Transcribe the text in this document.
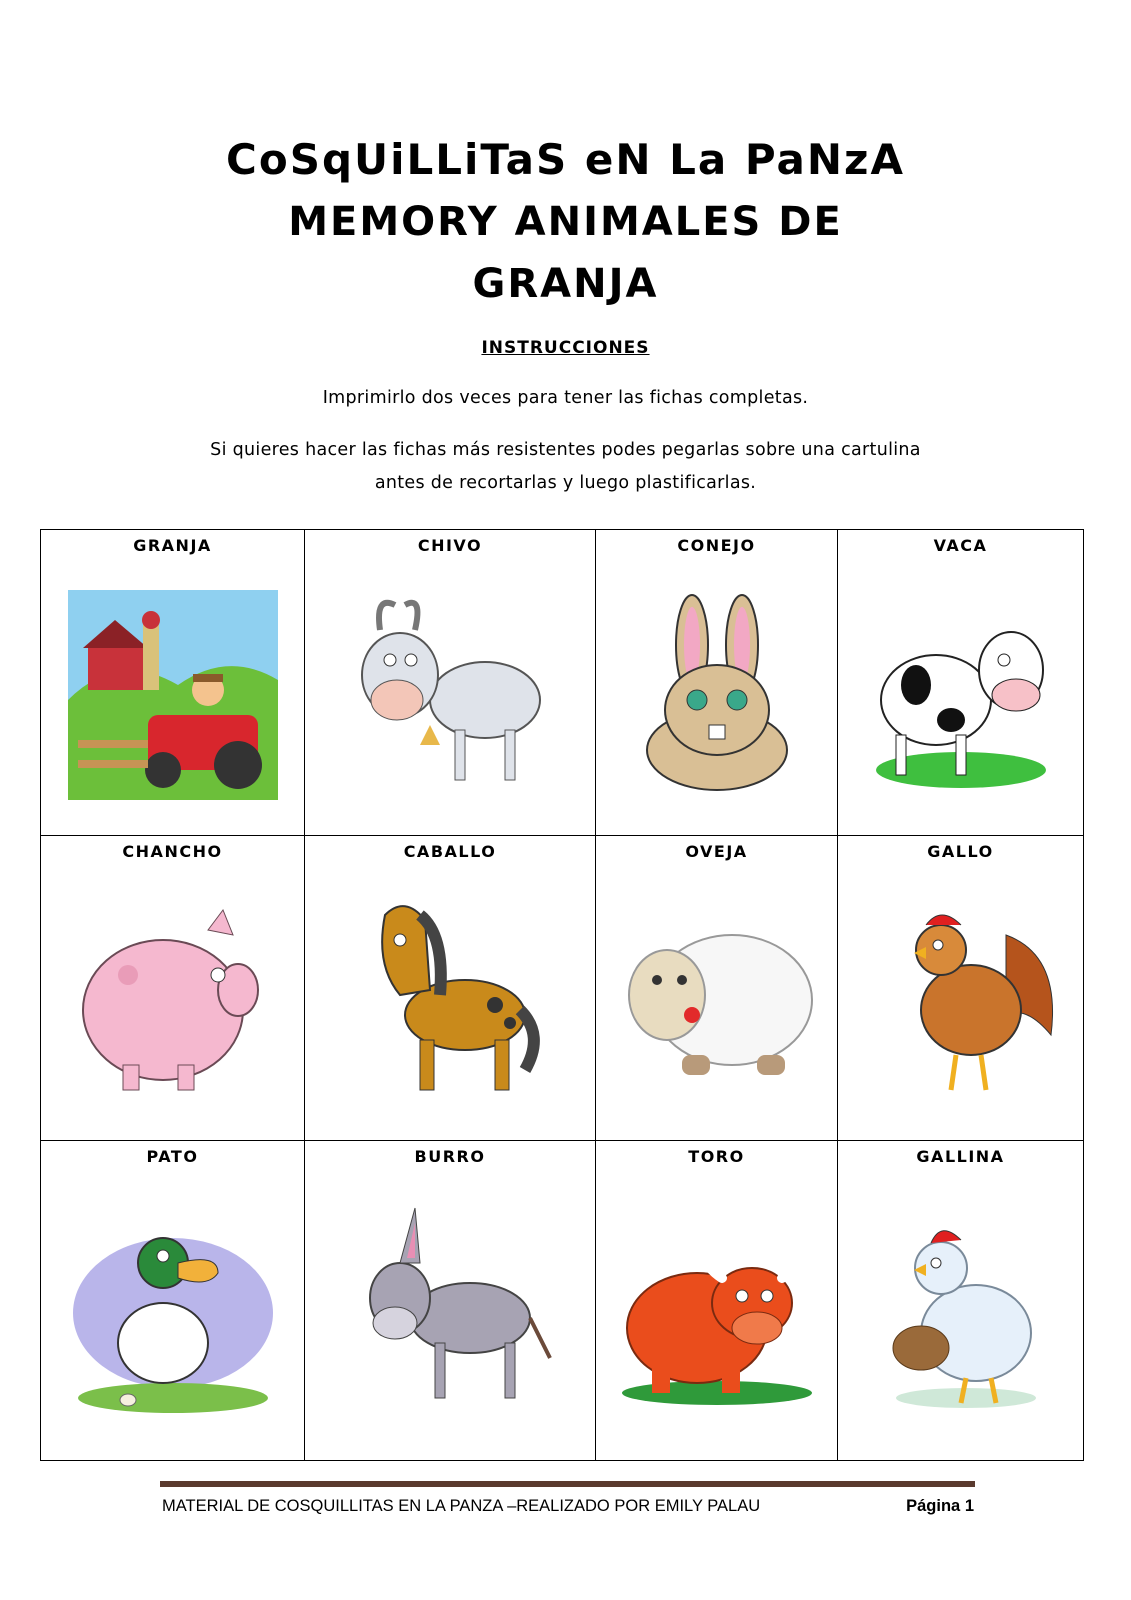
CoSqUiLLiTaS eN La PaNzA
MEMORY ANIMALES DE
GRANJA
INSTRUCCIONES
Imprimirlo dos veces para tener las fichas completas.
Si quieres hacer las fichas más resistentes podes pegarlas sobre una cartulina
antes de recortarlas y luego plastificarlas.
GRANJA	CHIVO	CONEJO	VACA

CHANCHO	CABALLO	OVEJA	GALLO

PATO	BURRO	TORO	GALLINA
MATERIAL DE COSQUILLITAS EN LA PANZA –REALIZADO POR EMILY PALAU	Página 1
